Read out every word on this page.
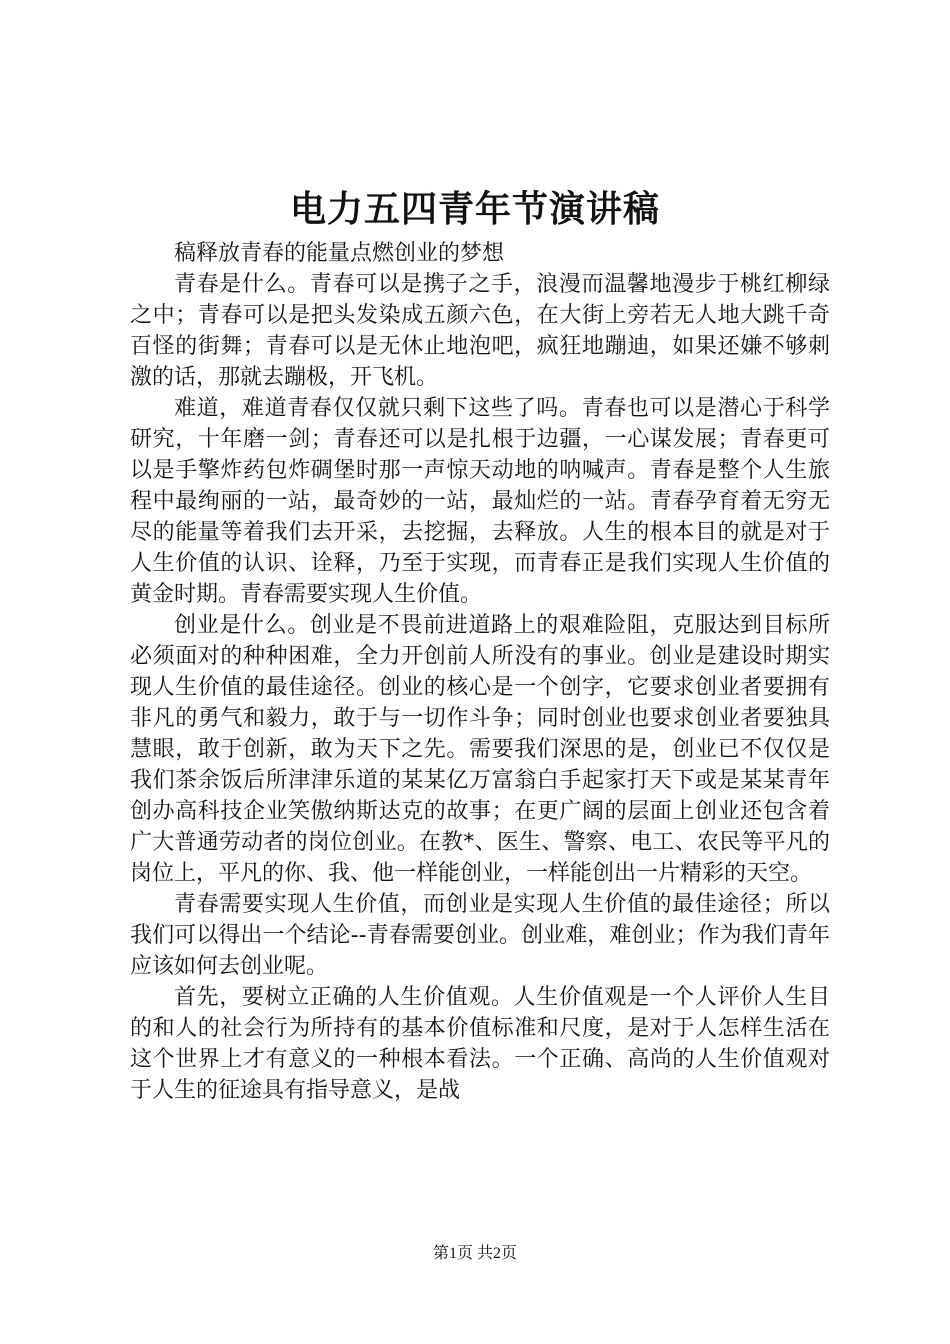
电力五四青年节演讲稿

稿释放青春的能量点燃创业的梦想

青春是什么。青春可以是携子之手，浪漫而温馨地漫步于桃红柳绿之中；青春可以是把头发染成五颜六色，在大街上旁若无人地大跳千奇百怪的街舞；青春可以是无休止地泡吧，疯狂地蹦迪，如果还嫌不够刺激的话，那就去蹦极，开飞机。

难道，难道青春仅仅就只剩下这些了吗。青春也可以是潜心于科学研究，十年磨一剑；青春还可以是扎根于边疆，一心谋发展；青春更可以是手擎炸药包炸碉堡时那一声惊天动地的呐喊声。青春是整个人生旅程中最绚丽的一站，最奇妙的一站，最灿烂的一站。青春孕育着无穷无尽的能量等着我们去开采，去挖掘，去释放。人生的根本目的就是对于人生价值的认识、诠释，乃至于实现，而青春正是我们实现人生价值的黄金时期。青春需要实现人生价值。

创业是什么。创业是不畏前进道路上的艰难险阻，克服达到目标所必须面对的种种困难，全力开创前人所没有的事业。创业是建设时期实现人生价值的最佳途径。创业的核心是一个创字，它要求创业者要拥有非凡的勇气和毅力，敢于与一切作斗争；同时创业也要求创业者要独具慧眼，敢于创新，敢为天下之先。需要我们深思的是，创业已不仅仅是我们茶余饭后所津津乐道的某某亿万富翁白手起家打天下或是某某青年创办高科技企业笑傲纳斯达克的故事；在更广阔的层面上创业还包含着广大普通劳动者的岗位创业。在教*、医生、警察、电工、农民等平凡的岗位上，平凡的你、我、他一样能创业，一样能创出一片精彩的天空。

青春需要实现人生价值，而创业是实现人生价值的最佳途径；所以我们可以得出一个结论--青春需要创业。创业难，难创业；作为我们青年应该如何去创业呢。

首先，要树立正确的人生价值观。人生价值观是一个人评价人生目的和人的社会行为所持有的基本价值标准和尺度，是对于人怎样生活在这个世界上才有意义的一种根本看法。一个正确、高尚的人生价值观对于人生的征途具有指导意义，是战

第1页 共2页
